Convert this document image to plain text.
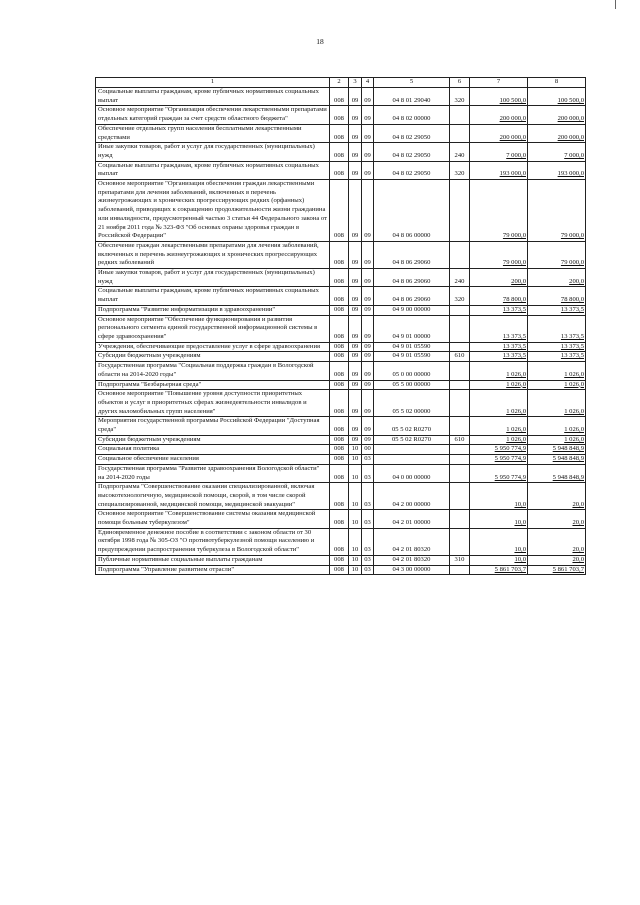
18
1	2	3	4	5	6	7	8
Социальные выплаты гражданам, кроме публичных нормативных социальных выплат	008	09	09	04 8 01 29040	320	100 500,0	100 500,0
Основное мероприятие "Организация обеспечения лекарственными препаратами отдельных категорий граждан за счет средств областного бюджета"	008	09	09	04 8 02 00000		200 000,0	200 000,0
Обеспечение отдельных групп населения бесплатными лекарственными средствами	008	09	09	04 8 02 29050		200 000,0	200 000,0
Иные закупки товаров, работ и услуг для государственных (муниципальных) нужд	008	09	09	04 8 02 29050	240	7 000,0	7 000,0
Социальные выплаты гражданам, кроме публичных нормативных социальных выплат	008	09	09	04 8 02 29050	320	193 000,0	193 000,0
Основное мероприятие "Организация обеспечения граждан лекарственными препаратами для лечения заболеваний, включенных в перечень жизнеугрожающих и хронических прогрессирующих редких (орфанных) заболеваний, приводящих к сокращению продолжительности жизни гражданина или инвалидности, предусмотренный частью 3 статьи 44 Федерального закона от 21 ноября 2011 года № 323-ФЗ "Об основах охраны здоровья граждан в Российской Федерации"	008	09	09	04 8 06 00000		79 000,0	79 000,0
Обеспечение граждан лекарственными препаратами для лечения заболеваний, включенных в перечень жизнеугрожающих и хронических прогрессирующих редких заболеваний	008	09	09	04 8 06 29060		79 000,0	79 000,0
Иные закупки товаров, работ и услуг для государственных (муниципальных) нужд	008	09	09	04 8 06 29060	240	200,0	200,0
Социальные выплаты гражданам, кроме публичных нормативных социальных выплат	008	09	09	04 8 06 29060	320	78 800,0	78 800,0
Подпрограмма "Развитие информатизации в здравоохранении"	008	09	09	04 9 00 00000		13 373,5	13 373,5
Основное мероприятие "Обеспечение функционирования и развития регионального сегмента единой государственной информационной системы в сфере здравоохранения"	008	09	09	04 9 01 00000		13 373,5	13 373,5
Учреждения, обеспечивающие предоставление услуг в сфере здравоохранения	008	09	09	04 9 01 05590		13 373,5	13 373,5
Субсидии бюджетным учреждениям	008	09	09	04 9 01 05590	610	13 373,5	13 373,5
Государственная программа "Социальная поддержка граждан в Вологодской области на 2014-2020 годы"	008	09	09	05 0 00 00000		1 026,0	1 026,0
Подпрограмма "Безбарьерная среда"	008	09	09	05 5 00 00000		1 026,0	1 026,0
Основное мероприятие "Повышение уровня доступности приоритетных объектов и услуг в приоритетных сферах жизнедеятельности инвалидов и других маломобильных групп населения"	008	09	09	05 5 02 00000		1 026,0	1 026,0
Мероприятия государственной программы Российской Федерации "Доступная среда"	008	09	09	05 5 02 R0270		1 026,0	1 026,0
Субсидии бюджетным учреждениям	008	09	09	05 5 02 R0270	610	1 026,0	1 026,0
Социальная политика	008	10	00			5 950 774,9	5 948 848,9
Социальное обеспечение населения	008	10	03			5 950 774,9	5 948 848,9
Государственная программа "Развитие здравоохранения Вологодской области" на 2014-2020 годы	008	10	03	04 0 00 00000		5 950 774,9	5 948 848,9
Подпрограмма "Совершенствование оказания специализированной, включая высокотехнологичную, медицинской помощи, скорой, в том числе скорой специализированной, медицинской помощи, медицинской эвакуации"	008	10	03	04 2 00 00000		10,0	20,0
Основное мероприятие "Совершенствование системы оказания медицинской помощи больным туберкулезом"	008	10	03	04 2 01 00000		10,0	20,0
Единовременное денежное пособие в соответствии с законом области от 30 октября 1998 года № 305-ОЗ "О противотуберкулезной помощи населению и предупреждении распространения туберкулеза в Вологодской области"	008	10	03	04 2 01 80320		10,0	20,0
Публичные нормативные социальные выплаты гражданам	008	10	03	04 2 01 80320	310	10,0	20,0
Подпрограмма "Управление развитием отрасли"	008	10	03	04 3 00 00000		5 861 703,7	5 861 703,7
